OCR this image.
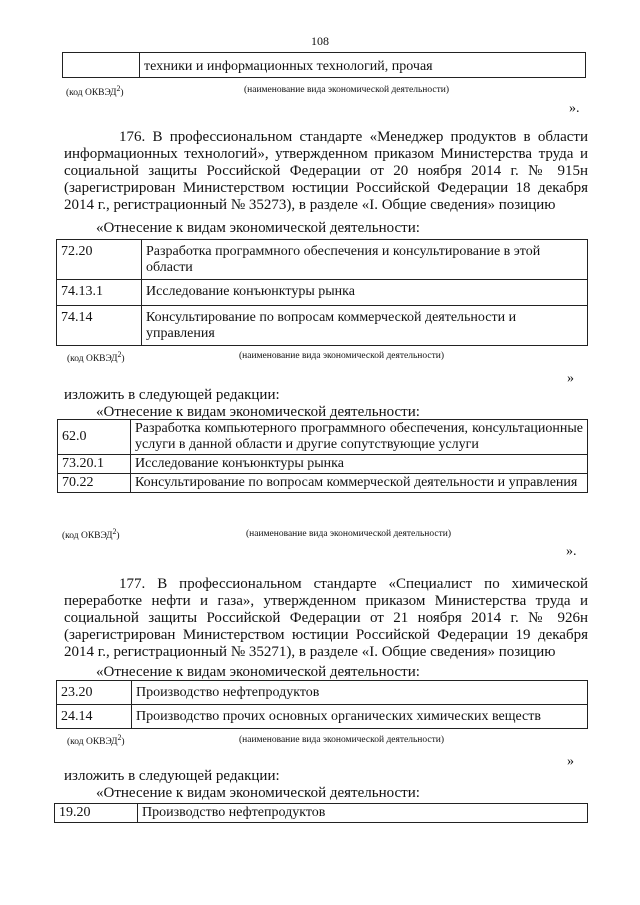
108
	техники и информационных технологий, прочая
(код ОКВЭД$^2$)	(наименование вида экономической деятельности)
».

176. В профессиональном стандарте «Менеджер продуктов в области информационных технологий», утвержденном приказом Министерства труда и социальной защиты Российской Федерации от 20 ноября 2014 г. № 915н (зарегистрирован Министерством юстиции Российской Федерации 18 декабря 2014 г., регистрационный № 35273), в разделе «I. Общие сведения» позицию

«Отнесение к видам экономической деятельности:
72.20	Разработка программного обеспечения и консультирование в этой области
74.13.1	Исследование конъюнктуры рынка
74.14	Консультирование по вопросам коммерческой деятельности и управления
(код ОКВЭД$^2$)	(наименование вида экономической деятельности)
»
изложить в следующей редакции:
«Отнесение к видам экономической деятельности:
62.0	Разработка компьютерного программного обеспечения, консультационные услуги в данной области и другие сопутствующие услуги
73.20.1	Исследование конъюнктуры рынка
70.22	Консультирование по вопросам коммерческой деятельности и управления
(код ОКВЭД$^2$)	(наименование вида экономической деятельности)
».

177. В профессиональном стандарте «Специалист по химической переработке нефти и газа», утвержденном приказом Министерства труда и социальной защиты Российской Федерации от 21 ноября 2014 г. № 926н (зарегистрирован Министерством юстиции Российской Федерации 19 декабря 2014 г., регистрационный № 35271), в разделе «I. Общие сведения» позицию

«Отнесение к видам экономической деятельности:
23.20	Производство нефтепродуктов
24.14	Производство прочих основных органических химических веществ
(код ОКВЭД$^2$)	(наименование вида экономической деятельности)
»
изложить в следующей редакции:
«Отнесение к видам экономической деятельности:
19.20	Производство нефтепродуктов
